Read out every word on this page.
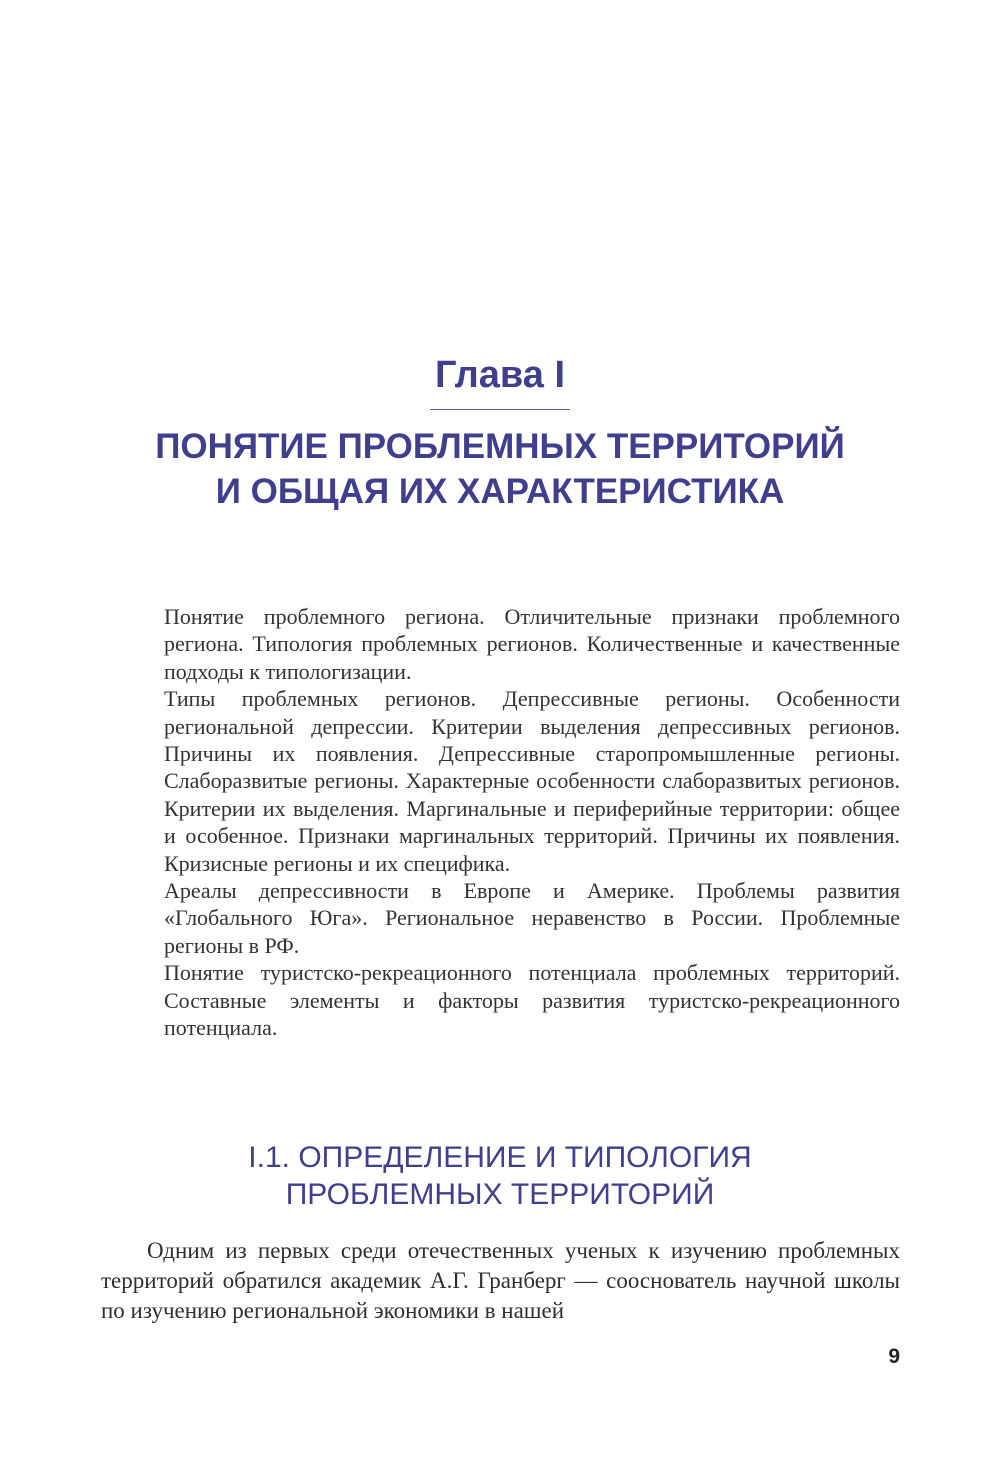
Глава I
ПОНЯТИЕ ПРОБЛЕМНЫХ ТЕРРИТОРИЙ
И ОБЩАЯ ИХ ХАРАКТЕРИСТИКА

Понятие проблемного региона. Отличительные признаки проблемного региона. Типология проблемных регионов. Количественные и качественные подходы к типологизации.

Типы проблемных регионов. Депрессивные регионы. Особенности региональной депрессии. Критерии выделения депрессивных регионов. Причины их появления. Депрессивные старопромышленные регионы. Слаборазвитые регионы. Характерные особенности слаборазвитых регионов. Критерии их выделения. Маргинальные и периферийные территории: общее и особенное. Признаки маргинальных территорий. Причины их появления. Кризисные регионы и их специфика.

Ареалы депрессивности в Европе и Америке. Проблемы развития «Глобального Юга». Региональное неравенство в России. Проблемные регионы в РФ.

Понятие туристско-рекреационного потенциала проблемных территорий. Составные элементы и факторы развития туристско-рекреационного потенциала.

I.1. ОПРЕДЕЛЕНИЕ И ТИПОЛОГИЯ
ПРОБЛЕМНЫХ ТЕРРИТОРИЙ

Одним из первых среди отечественных ученых к изучению проблемных территорий обратился академик А.Г. Гранберг — сооснователь научной школы по изучению региональной экономики в нашей

9
